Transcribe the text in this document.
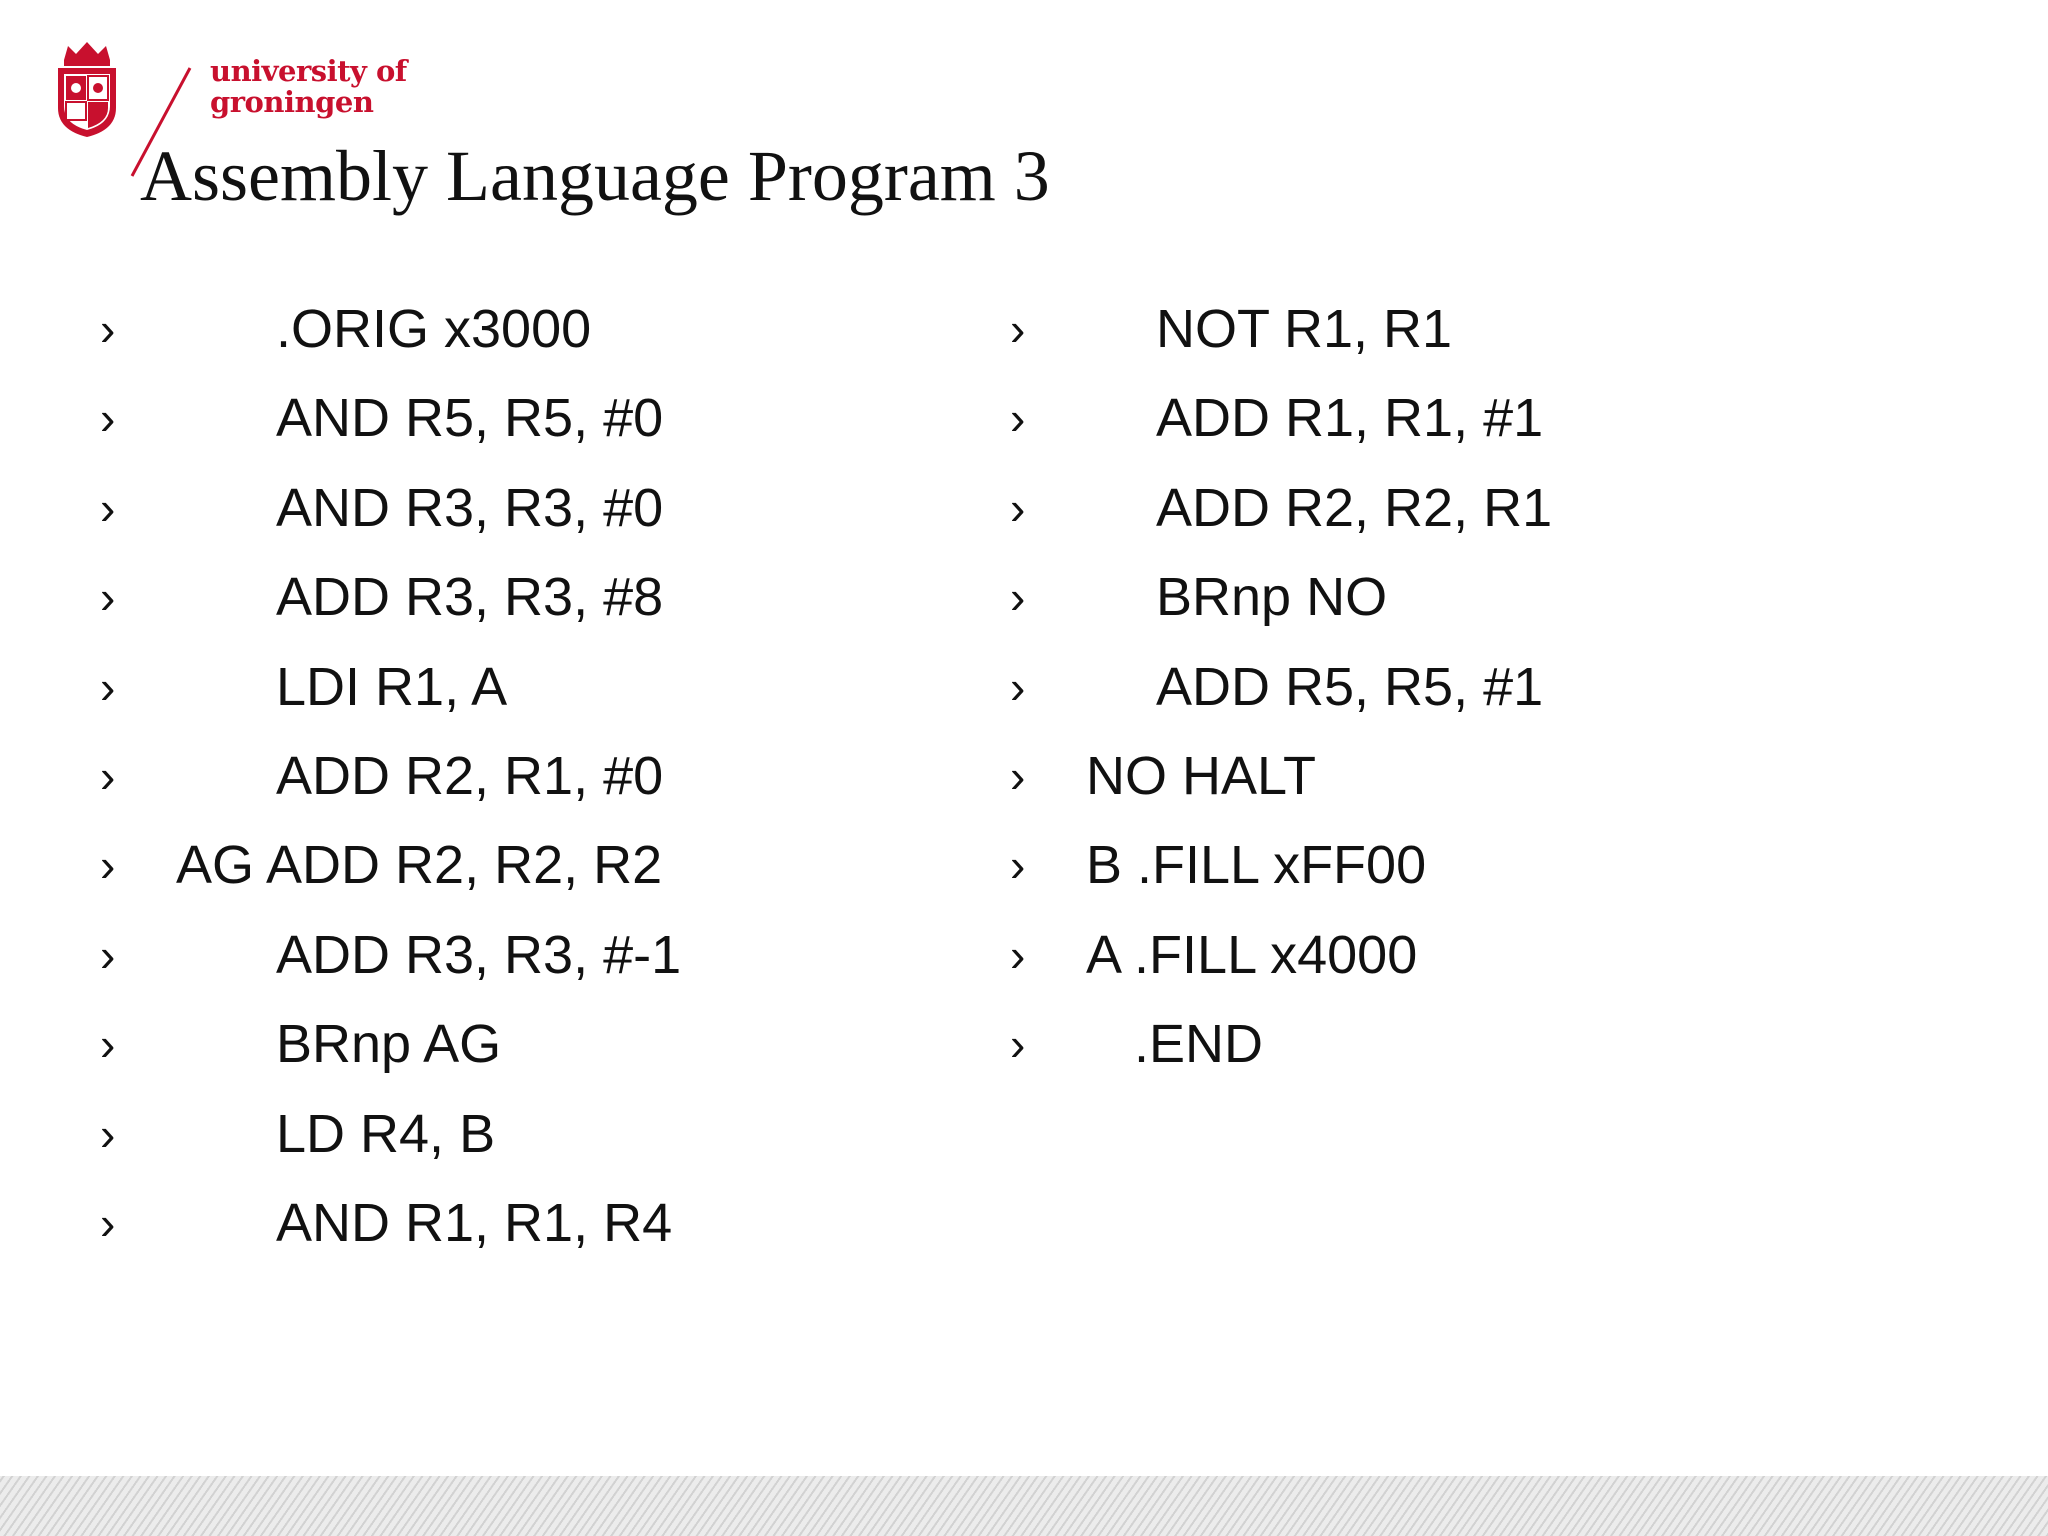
university of
groningen
Assembly Language Program 3
›	.ORIG x3000
›	AND R5, R5, #0
›	AND R3, R3, #0
›	ADD R3, R3, #8
›	LDI R1, A
›	ADD R2, R1, #0
› AG ADD R2, R2, R2
›	ADD R3, R3, #-1
›	BRnp AG
›	LD R4, B
›	AND R1, R1, R4
› NOT R1, R1
› ADD R1, R1, #1
› ADD R2, R2, R1
› BRnp NO
› ADD R5, R5, #1
› NO HALT
› B .FILL xFF00
› A .FILL x4000
› .END
